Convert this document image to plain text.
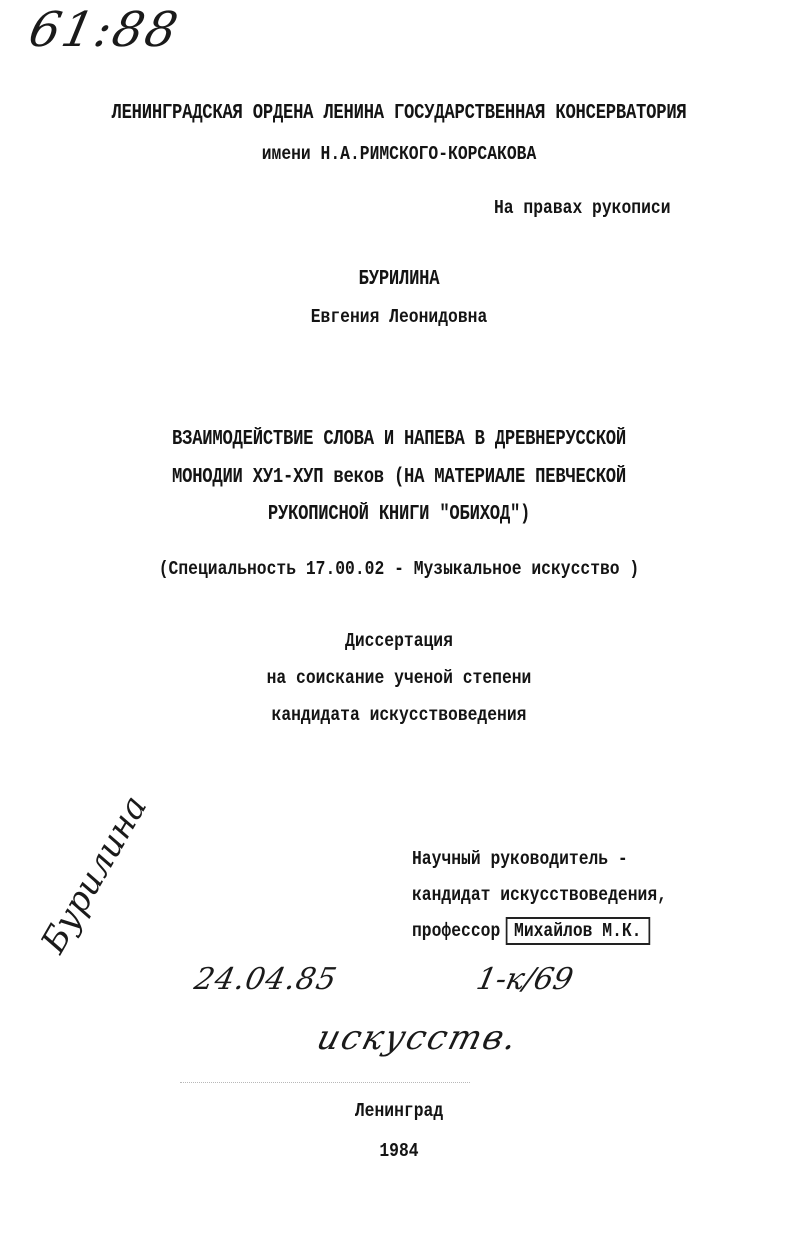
61:88
ЛЕНИНГРАДСКАЯ ОРДЕНА ЛЕНИНА ГОСУДАРСТВЕННАЯ КОНСЕРВАТОРИЯ
имени Н.А.РИМСКОГО-КОРСАКОВА
На правах рукописи
БУРИЛИНА
Евгения Леонидовна
ВЗАИМОДЕЙСТВИЕ СЛОВА И НАПЕВА В ДРЕВНЕРУССКОЙ
МОНОДИИ ХУ1-ХУП веков (НА МАТЕРИАЛЕ ПЕВЧЕСКОЙ
РУКОПИСНОЙ КНИГИ "ОБИХОД")
(Специальность 17.00.02 - Музыкальное искусство )
Диссертация
на соискание ученой степени
кандидата искусствоведения
Научный руководитель -
кандидат искусствоведения,
профессор Михайлов М.К.
Бурилина
24.04.85	1-к/69
искусств.
Ленинград
1984
